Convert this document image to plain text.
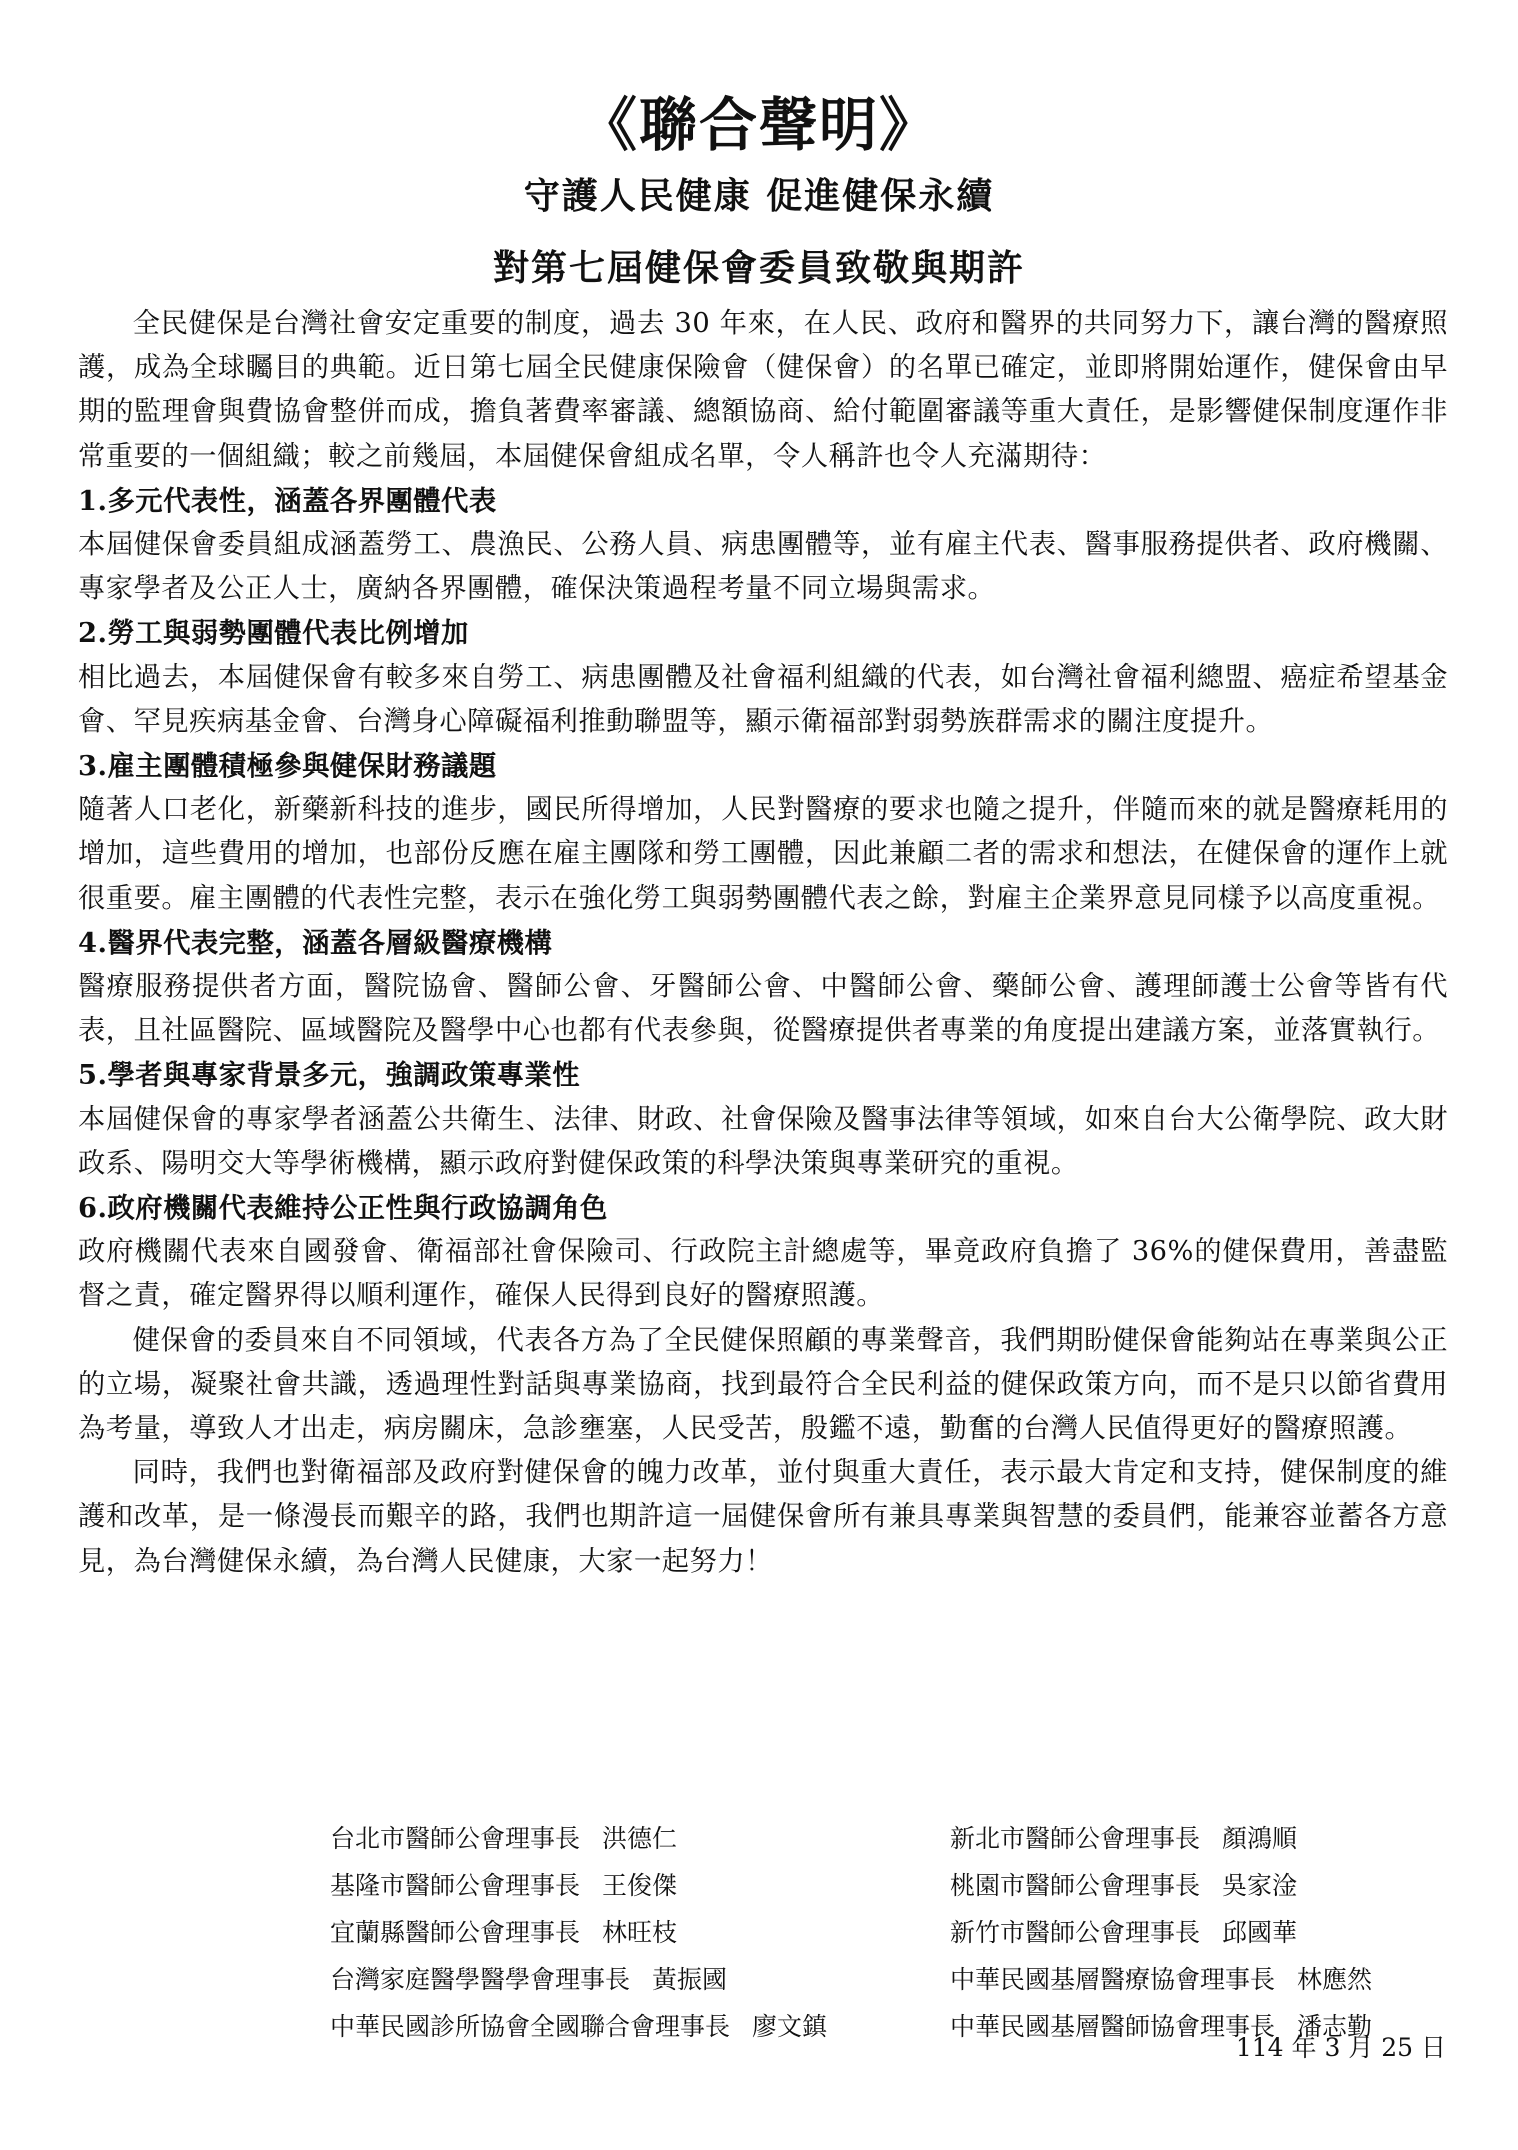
《聯合聲明》
守護人民健康 促進健保永續
對第七屆健保會委員致敬與期許

全民健保是台灣社會安定重要的制度，過去 30 年來，在人民、政府和醫界的共同努力下，讓台灣的醫療照護，成為全球矚目的典範。近日第七屆全民健康保險會（健保會）的名單已確定，並即將開始運作，健保會由早期的監理會與費協會整併而成，擔負著費率審議、總額協商、給付範圍審議等重大責任，是影響健保制度運作非常重要的一個組織；較之前幾屆，本屆健保會組成名單，令人稱許也令人充滿期待：

1.多元代表性，涵蓋各界團體代表

本屆健保會委員組成涵蓋勞工、農漁民、公務人員、病患團體等，並有雇主代表、醫事服務提供者、政府機關、專家學者及公正人士，廣納各界團體，確保決策過程考量不同立場與需求。

2.勞工與弱勢團體代表比例增加

相比過去，本屆健保會有較多來自勞工、病患團體及社會福利組織的代表，如台灣社會福利總盟、癌症希望基金會、罕見疾病基金會、台灣身心障礙福利推動聯盟等，顯示衛福部對弱勢族群需求的關注度提升。

3.雇主團體積極參與健保財務議題

隨著人口老化，新藥新科技的進步，國民所得增加，人民對醫療的要求也隨之提升，伴隨而來的就是醫療耗用的增加，這些費用的增加，也部份反應在雇主團隊和勞工團體，因此兼顧二者的需求和想法，在健保會的運作上就很重要。雇主團體的代表性完整，表示在強化勞工與弱勢團體代表之餘，對雇主企業界意見同樣予以高度重視。

4.醫界代表完整，涵蓋各層級醫療機構

醫療服務提供者方面，醫院協會、醫師公會、牙醫師公會、中醫師公會、藥師公會、護理師護士公會等皆有代表，且社區醫院、區域醫院及醫學中心也都有代表參與，從醫療提供者專業的角度提出建議方案，並落實執行。

5.學者與專家背景多元，強調政策專業性

本屆健保會的專家學者涵蓋公共衛生、法律、財政、社會保險及醫事法律等領域，如來自台大公衛學院、政大財政系、陽明交大等學術機構，顯示政府對健保政策的科學決策與專業研究的重視。

6.政府機關代表維持公正性與行政協調角色

政府機關代表來自國發會、衛福部社會保險司、行政院主計總處等，畢竟政府負擔了 36%的健保費用，善盡監督之責，確定醫界得以順利運作，確保人民得到良好的醫療照護。

健保會的委員來自不同領域，代表各方為了全民健保照顧的專業聲音，我們期盼健保會能夠站在專業與公正的立場，凝聚社會共識，透過理性對話與專業協商，找到最符合全民利益的健保政策方向，而不是只以節省費用為考量，導致人才出走，病房關床，急診壅塞，人民受苦，殷鑑不遠，勤奮的台灣人民值得更好的醫療照護。

同時，我們也對衛福部及政府對健保會的魄力改革，並付與重大責任，表示最大肯定和支持，健保制度的維護和改革，是一條漫長而艱辛的路，我們也期許這一屆健保會所有兼具專業與智慧的委員們，能兼容並蓄各方意見，為台灣健保永續，為台灣人民健康，大家一起努力！

台北市醫師公會理事長 洪德仁	新北市醫師公會理事長 顏鴻順
基隆市醫師公會理事長 王俊傑	桃園市醫師公會理事長 吳家淦
宜蘭縣醫師公會理事長 林旺枝	新竹市醫師公會理事長 邱國華
台灣家庭醫學醫學會理事長 黃振國	中華民國基層醫療協會理事長 林應然
中華民國診所協會全國聯合會理事長 廖文鎮	中華民國基層醫師協會理事長 潘志勤
114 年 3 月 25 日
